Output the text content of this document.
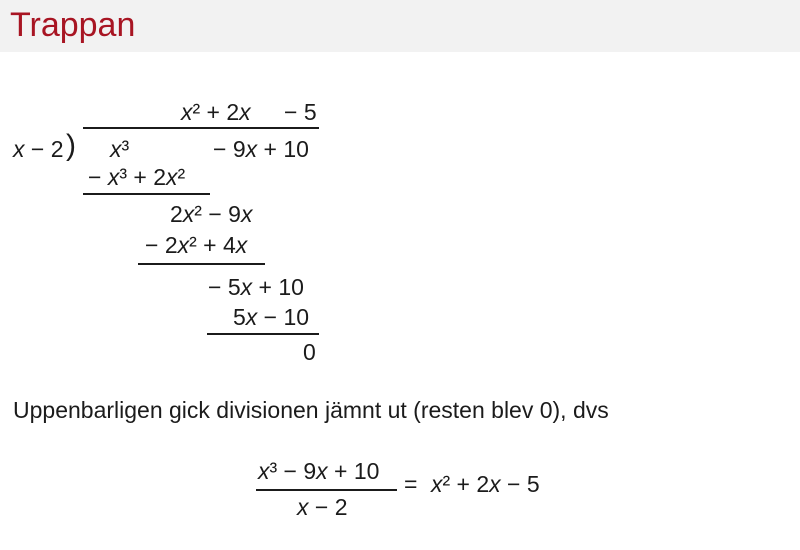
Trappan
x² + 2x − 5
x − 2 ) x³	− 9x + 10
− x³ + 2x²
2x² − 9x
− 2x² + 4x
− 5x + 10
5x − 10
0
Uppenbarligen gick divisionen jämnt ut (resten blev 0), dvs
x³ − 9x + 10
x − 2
= x² + 2x − 5
